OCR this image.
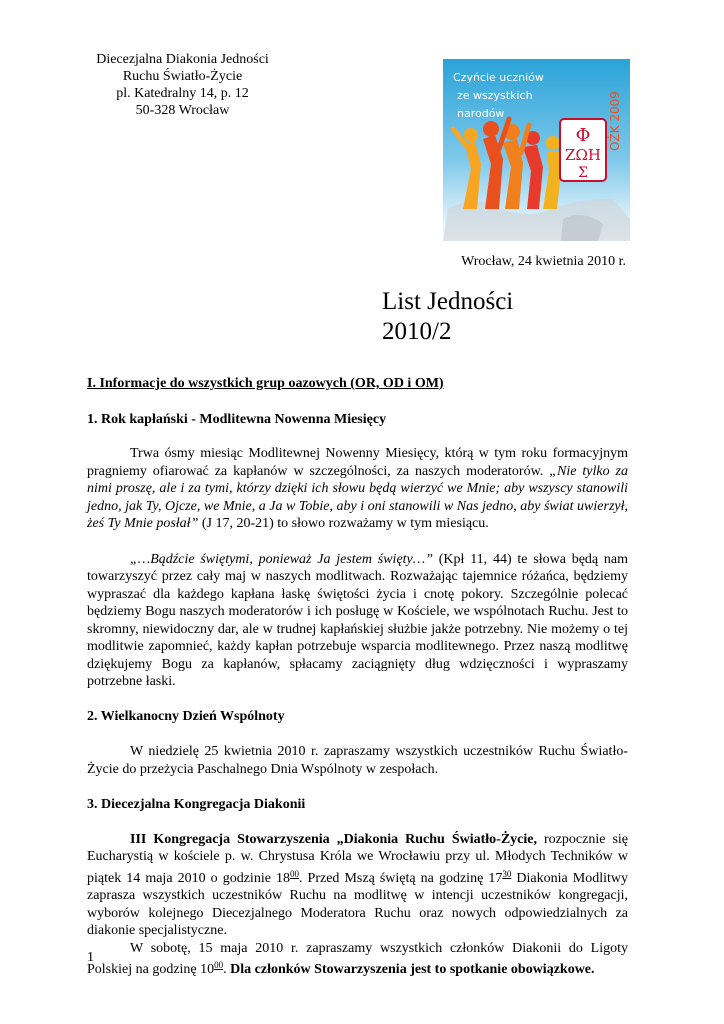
Diecezjalna Diakonia Jedności
Ruchu Światło-Życie
pl. Katedralny 14, p. 12
50-328 Wrocław
Φ
ΖΩΗ
Σ
Czyńcie uczniów
ze wszystkich
narodów	OŻK 2009
Wrocław, 24 kwietnia 2010 r.
List Jedności
2010/2
I. Informacje do wszystkich grup oazowych (OR, OD i OM)
1. Rok kapłański - Modlitewna Nowenna Miesięcy

Trwa ósmy miesiąc Modlitewnej Nowenny Miesięcy, którą w tym roku formacyjnym pragniemy ofiarować za kapłanów w szczególności, za naszych moderatorów. „Nie tylko za nimi proszę, ale i za tymi, którzy dzięki ich słowu będą wierzyć we Mnie; aby wszyscy stanowili jedno, jak Ty, Ojcze, we Mnie, a Ja w Tobie, aby i oni stanowili w Nas jedno, aby świat uwierzył, żeś Ty Mnie posłał” (J 17, 20-21) to słowo rozważamy w tym miesiącu.

„…Bądźcie świętymi, ponieważ Ja jestem święty…” (Kpł 11, 44) te słowa będą nam towarzyszyć przez cały maj w naszych modlitwach. Rozważając tajemnice różańca, będziemy wypraszać dla każdego kapłana łaskę świętości życia i cnotę pokory. Szczególnie polecać będziemy Bogu naszych moderatorów i ich posługę w Kościele, we wspólnotach Ruchu. Jest to skromny, niewidoczny dar, ale w trudnej kapłańskiej służbie jakże potrzebny. Nie możemy o tej modlitwie zapomnieć, każdy kapłan potrzebuje wsparcia modlitewnego. Przez naszą modlitwę dziękujemy Bogu za kapłanów, spłacamy zaciągnięty dług wdzięczności i wypraszamy potrzebne łaski.

2. Wielkanocny Dzień Wspólnoty

W niedzielę 25 kwietnia 2010 r. zapraszamy wszystkich uczestników Ruchu Światło-Życie do przeżycia Paschalnego Dnia Wspólnoty w zespołach.

3. Diecezjalna Kongregacja Diakonii

III Kongregacja Stowarzyszenia „Diakonia Ruchu Światło-Życie, rozpocznie się Eucharystią w kościele p. w. Chrystusa Króla we Wrocławiu przy ul. Młodych Techników w piątek 14 maja 2010 o godzinie $18^{00}$. Przed Mszą świętą na godzinę $17^{30}$ Diakonia Modlitwy zaprasza wszystkich uczestników Ruchu na modlitwę w intencji uczestników kongregacji, wyborów kolejnego Diecezjalnego Moderatora Ruchu oraz nowych odpowiedzialnych za diakonie specjalistyczne.

W sobotę, 15 maja 2010 r. zapraszamy wszystkich członków Diakonii do Ligoty Polskiej na godzinę $10^{00}$. Dla członków Stowarzyszenia jest to spotkanie obowiązkowe.

1
